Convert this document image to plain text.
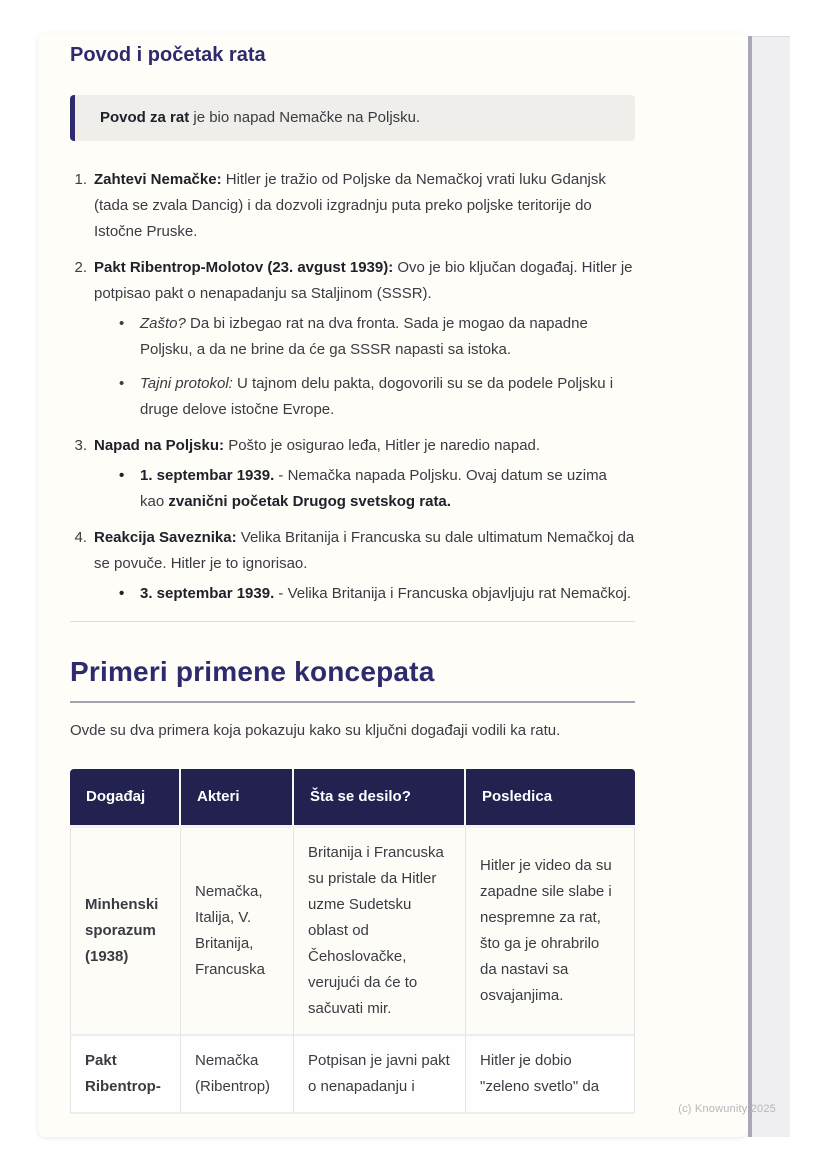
Povod i početak rata

Povod za rat je bio napad Nemačke na Poljsku.

1. Zahtevi Nemačke: Hitler je tražio od Poljske da Nemačkoj vrati luku Gdanjsk (tada se zvala Dancig) i da dozvoli izgradnju puta preko poljske teritorije do Istočne Pruske.

2. Pakt Ribentrop-Molotov (23. avgust 1939): Ovo je bio ključan događaj. Hitler je potpisao pakt o nenapadanju sa Staljinom (SSSR).

•	Zašto? Da bi izbegao rat na dva fronta. Sada je mogao da napadne Poljsku, a da ne brine da će ga SSSR napasti sa istoka.

•	Tajni protokol: U tajnom delu pakta, dogovorili su se da podele Poljsku i druge delove istočne Evrope.

3. Napad na Poljsku: Pošto je osigurao leđa, Hitler je naredio napad.

•	1. septembar 1939. - Nemačka napada Poljsku. Ovaj datum se uzima kao zvanični početak Drugog svetskog rata.

4. Reakcija Saveznika: Velika Britanija i Francuska su dale ultimatum Nemačkoj da se povuče. Hitler je to ignorisao.

•	3. septembar 1939. - Velika Britanija i Francuska objavljuju rat Nemačkoj.

Primeri primene koncepata

Ovde su dva primera koja pokazuju kako su ključni događaji vodili ka ratu.

Događaj	Akteri	Šta se desilo?	Posledica
Minhenski sporazum (1938)	Nemačka, Italija, V. Britanija, Francuska	Britanija i Francuska su pristale da Hitler uzme Sudetsku oblast od Čehoslovačke, verujući da će to sačuvati mir.	Hitler je video da su zapadne sile slabe i nespremne za rat, što ga je ohrabrilo da nastavi sa osvajanjima.
Pakt Ribentrop-	Nemačka (Ribentrop)	Potpisan je javni pakt o nenapadanju i	Hitler je dobio "zeleno svetlo" da
(c) Knowunity 2025
